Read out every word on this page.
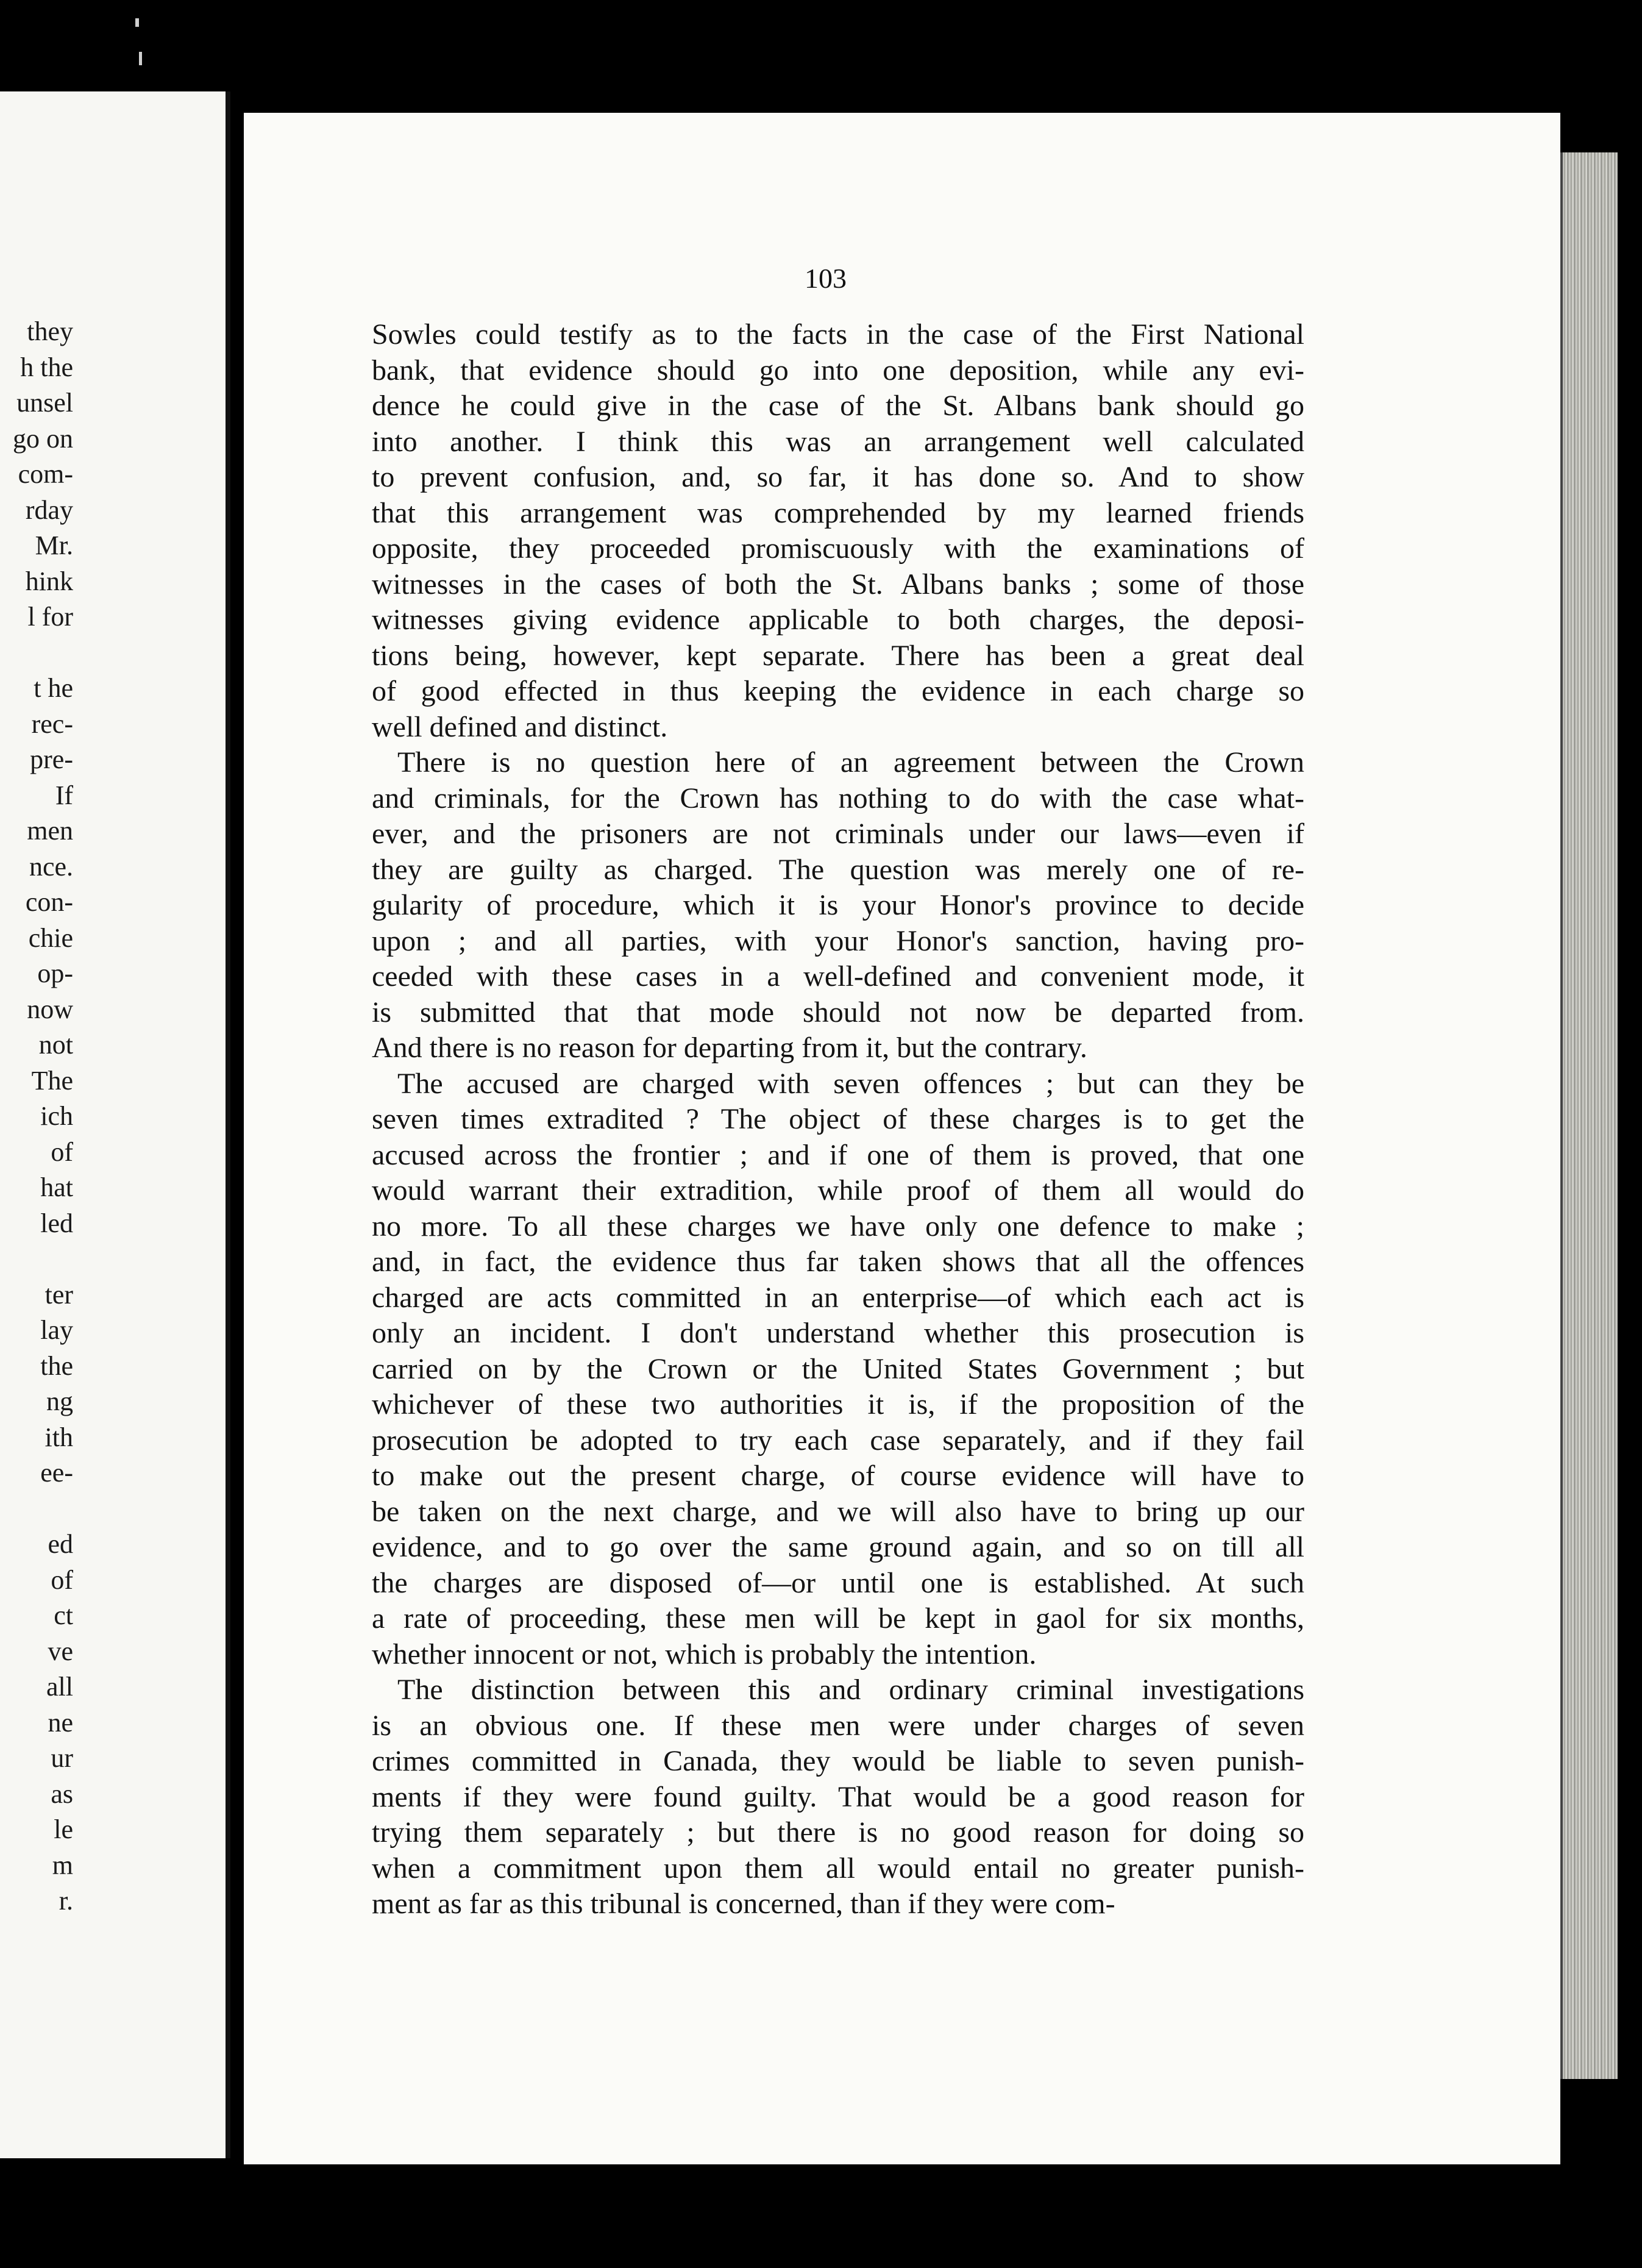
they
h the
unsel
go on
com-
rday
Mr.
hink
l for
t he
rec-
pre-
If
men
nce.
con-
chie
op-
now
not
The
ich
of
hat
led
ter
lay
the
ng
ith
ee-
ed
of
ct
ve
all
ne
ur
as
le
m
r.
103
Sowles could testify as to the facts in the case of the First National
bank, that evidence should go into one deposition, while any evi-
dence he could give in the case of the St. Albans bank should go
into another. I think this was an arrangement well calculated
to prevent confusion, and, so far, it has done so. And to show
that this arrangement was comprehended by my learned friends
opposite, they proceeded promiscuously with the examinations of
witnesses in the cases of both the St. Albans banks ; some of those
witnesses giving evidence applicable to both charges, the deposi-
tions being, however, kept separate. There has been a great deal
of good effected in thus keeping the evidence in each charge so
well defined and distinct.
There is no question here of an agreement between the Crown
and criminals, for the Crown has nothing to do with the case what-
ever, and the prisoners are not criminals under our laws—even if
they are guilty as charged. The question was merely one of re-
gularity of procedure, which it is your Honor's province to decide
upon ; and all parties, with your Honor's sanction, having pro-
ceeded with these cases in a well-defined and convenient mode, it
is submitted that that mode should not now be departed from.
And there is no reason for departing from it, but the contrary.
The accused are charged with seven offences ; but can they be
seven times extradited ? The object of these charges is to get the
accused across the frontier ; and if one of them is proved, that one
would warrant their extradition, while proof of them all would do
no more. To all these charges we have only one defence to make ;
and, in fact, the evidence thus far taken shows that all the offences
charged are acts committed in an enterprise—of which each act is
only an incident. I don't understand whether this prosecution is
carried on by the Crown or the United States Government ; but
whichever of these two authorities it is, if the proposition of the
prosecution be adopted to try each case separately, and if they fail
to make out the present charge, of course evidence will have to
be taken on the next charge, and we will also have to bring up our
evidence, and to go over the same ground again, and so on till all
the charges are disposed of—or until one is established. At such
a rate of proceeding, these men will be kept in gaol for six months,
whether innocent or not, which is probably the intention.
The distinction between this and ordinary criminal investigations
is an obvious one. If these men were under charges of seven
crimes committed in Canada, they would be liable to seven punish-
ments if they were found guilty. That would be a good reason for
trying them separately ; but there is no good reason for doing so
when a commitment upon them all would entail no greater punish-
ment as far as this tribunal is concerned, than if they were com-
